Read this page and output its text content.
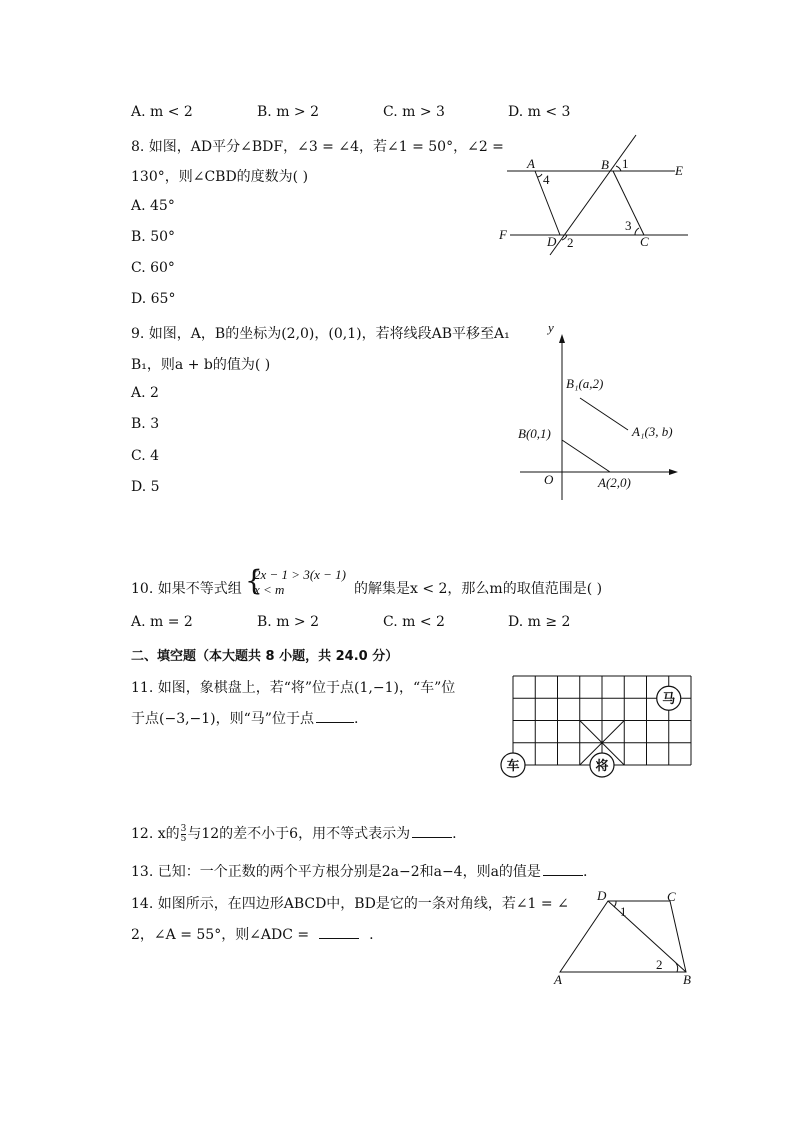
A. m < 2	B. m > 2	C. m > 3	D. m < 3
8. 如图，AD平分∠BDF，∠3 = ∠4，若∠1 = 50°，∠2 =
130°，则∠CBD的度数为( )
A. 45°
B. 50°
C. 60°
D. 65°
A	B 1	E
4
F	D 2
3
C
9. 如图，A，B的坐标为(2,0)，(0,1)，若将线段AB平移至A₁
B₁，则a + b的值为( )
A. 2
B. 3
C. 4
D. 5
y
O
B(0,1)
A(2,0)
B₁(a,2)
A₁(3, b)
10. 如果不等式组 {
2x − 1 > 3(x − 1)
x < m	的解集是x < 2，那么m的取值范围是( )
A. m = 2	B. m > 2	C. m < 2	D. m ≥ 2
二、填空题（本大题共 8 小题，共 24.0 分）
11. 如图，象棋盘上，若“将”位于点(1,−1)，“车”位
于点(−3,−1)，则“马”位于点	.
马
车	将
12. x的 $\frac{3}{5}$ 与12的差不小于6，用不等式表示为	.
13. 已知：一个正数的两个平方根分别是2a−2和a−4，则a的值是	.
14. 如图所示，在四边形ABCD中，BD是它的一条对角线，若∠1 = ∠
2，∠A = 55°，则∠ADC =	.
D	C
1
2
A	B
